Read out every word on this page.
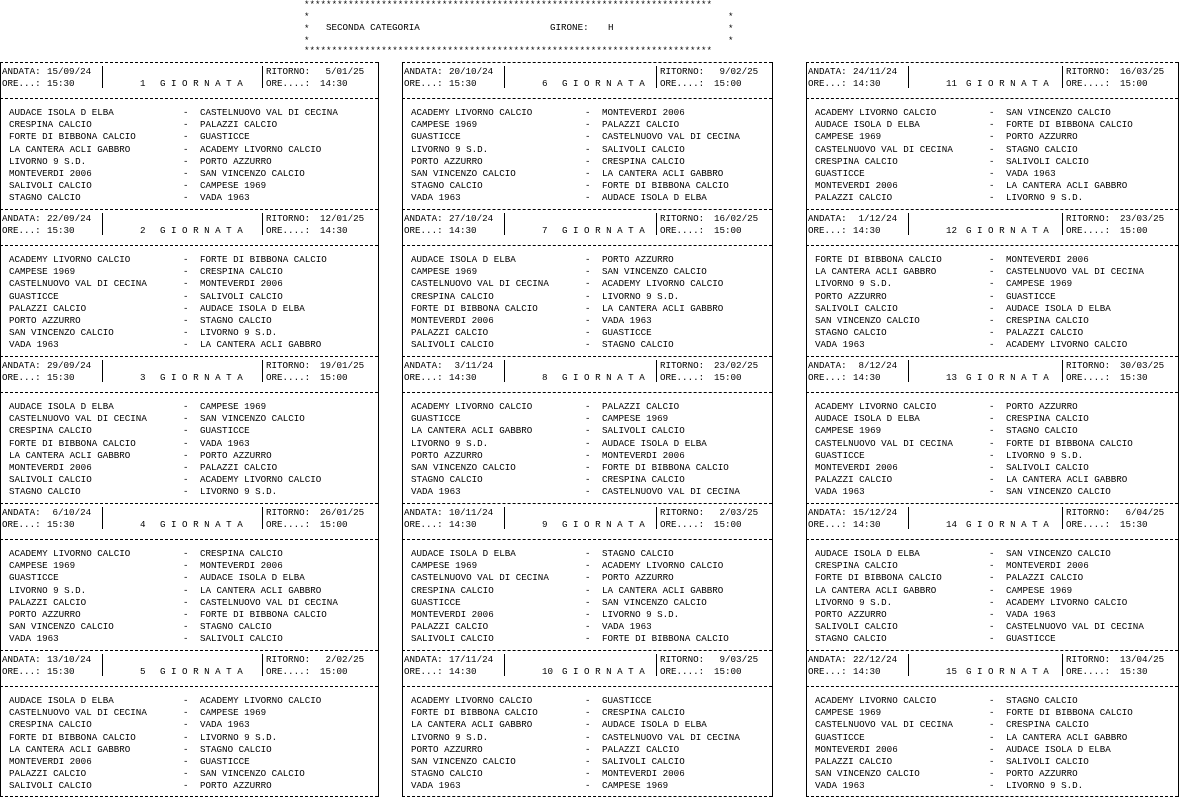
**************************************************************************
*	*
* SECONDA CATEGORIA	GIRONE: H	*
*	*
**************************************************************************
ANDATA: 15/09/24
ORE...: 15:30	1 G I O R N A T A
RITORNO: 5/01/25
ORE....: 14:30
AUDACE ISOLA D ELBA	- CASTELNUOVO VAL DI CECINA
CRESPINA CALCIO	- PALAZZI CALCIO
FORTE DI BIBBONA CALCIO	- GUASTICCE
LA CANTERA ACLI GABBRO	- ACADEMY LIVORNO CALCIO
LIVORNO 9 S.D.	- PORTO AZZURRO
MONTEVERDI 2006	- SAN VINCENZO CALCIO
SALIVOLI CALCIO	- CAMPESE 1969
STAGNO CALCIO	- VADA 1963
ANDATA: 22/09/24
ORE...: 15:30	2 G I O R N A T A
RITORNO: 12/01/25
ORE....: 14:30
ACADEMY LIVORNO CALCIO	- FORTE DI BIBBONA CALCIO
CAMPESE 1969	- CRESPINA CALCIO
CASTELNUOVO VAL DI CECINA	- MONTEVERDI 2006
GUASTICCE	- SALIVOLI CALCIO
PALAZZI CALCIO	- AUDACE ISOLA D ELBA
PORTO AZZURRO	- STAGNO CALCIO
SAN VINCENZO CALCIO	- LIVORNO 9 S.D.
VADA 1963	- LA CANTERA ACLI GABBRO
ANDATA: 29/09/24
ORE...: 15:30	3 G I O R N A T A
RITORNO: 19/01/25
ORE....: 15:00
AUDACE ISOLA D ELBA	- CAMPESE 1969
CASTELNUOVO VAL DI CECINA	- SAN VINCENZO CALCIO
CRESPINA CALCIO	- GUASTICCE
FORTE DI BIBBONA CALCIO	- VADA 1963
LA CANTERA ACLI GABBRO	- PORTO AZZURRO
MONTEVERDI 2006	- PALAZZI CALCIO
SALIVOLI CALCIO	- ACADEMY LIVORNO CALCIO
STAGNO CALCIO	- LIVORNO 9 S.D.
ANDATA: 6/10/24
ORE...: 15:30	4 G I O R N A T A
RITORNO: 26/01/25
ORE....: 15:00
ACADEMY LIVORNO CALCIO	- CRESPINA CALCIO
CAMPESE 1969	- MONTEVERDI 2006
GUASTICCE	- AUDACE ISOLA D ELBA
LIVORNO 9 S.D.	- LA CANTERA ACLI GABBRO
PALAZZI CALCIO	- CASTELNUOVO VAL DI CECINA
PORTO AZZURRO	- FORTE DI BIBBONA CALCIO
SAN VINCENZO CALCIO	- STAGNO CALCIO
VADA 1963	- SALIVOLI CALCIO
ANDATA: 13/10/24
ORE...: 15:30	5 G I O R N A T A
RITORNO: 2/02/25
ORE....: 15:00
AUDACE ISOLA D ELBA	- ACADEMY LIVORNO CALCIO
CASTELNUOVO VAL DI CECINA	- CAMPESE 1969
CRESPINA CALCIO	- VADA 1963
FORTE DI BIBBONA CALCIO	- LIVORNO 9 S.D.
LA CANTERA ACLI GABBRO	- STAGNO CALCIO
MONTEVERDI 2006	- GUASTICCE
PALAZZI CALCIO	- SAN VINCENZO CALCIO
SALIVOLI CALCIO	- PORTO AZZURRO
ANDATA: 20/10/24
ORE...: 15:30	6 G I O R N A T A
RITORNO: 9/02/25
ORE....: 15:00
ACADEMY LIVORNO CALCIO	- MONTEVERDI 2006
CAMPESE 1969	- PALAZZI CALCIO
GUASTICCE	- CASTELNUOVO VAL DI CECINA
LIVORNO 9 S.D.	- SALIVOLI CALCIO
PORTO AZZURRO	- CRESPINA CALCIO
SAN VINCENZO CALCIO	- LA CANTERA ACLI GABBRO
STAGNO CALCIO	- FORTE DI BIBBONA CALCIO
VADA 1963	- AUDACE ISOLA D ELBA
ANDATA: 27/10/24
ORE...: 14:30	7 G I O R N A T A
RITORNO: 16/02/25
ORE....: 15:00
AUDACE ISOLA D ELBA	- PORTO AZZURRO
CAMPESE 1969	- SAN VINCENZO CALCIO
CASTELNUOVO VAL DI CECINA	- ACADEMY LIVORNO CALCIO
CRESPINA CALCIO	- LIVORNO 9 S.D.
FORTE DI BIBBONA CALCIO	- LA CANTERA ACLI GABBRO
MONTEVERDI 2006	- VADA 1963
PALAZZI CALCIO	- GUASTICCE
SALIVOLI CALCIO	- STAGNO CALCIO
ANDATA: 3/11/24
ORE...: 14:30	8 G I O R N A T A
RITORNO: 23/02/25
ORE....: 15:00
ACADEMY LIVORNO CALCIO	- PALAZZI CALCIO
GUASTICCE	- CAMPESE 1969
LA CANTERA ACLI GABBRO	- SALIVOLI CALCIO
LIVORNO 9 S.D.	- AUDACE ISOLA D ELBA
PORTO AZZURRO	- MONTEVERDI 2006
SAN VINCENZO CALCIO	- FORTE DI BIBBONA CALCIO
STAGNO CALCIO	- CRESPINA CALCIO
VADA 1963	- CASTELNUOVO VAL DI CECINA
ANDATA: 10/11/24
ORE...: 14:30	9 G I O R N A T A
RITORNO: 2/03/25
ORE....: 15:00
AUDACE ISOLA D ELBA	- STAGNO CALCIO
CAMPESE 1969	- ACADEMY LIVORNO CALCIO
CASTELNUOVO VAL DI CECINA	- PORTO AZZURRO
CRESPINA CALCIO	- LA CANTERA ACLI GABBRO
GUASTICCE	- SAN VINCENZO CALCIO
MONTEVERDI 2006	- LIVORNO 9 S.D.
PALAZZI CALCIO	- VADA 1963
SALIVOLI CALCIO	- FORTE DI BIBBONA CALCIO
ANDATA: 17/11/24
ORE...: 14:30	10 G I O R N A T A
RITORNO: 9/03/25
ORE....: 15:00
ACADEMY LIVORNO CALCIO	- GUASTICCE
FORTE DI BIBBONA CALCIO	- CRESPINA CALCIO
LA CANTERA ACLI GABBRO	- AUDACE ISOLA D ELBA
LIVORNO 9 S.D.	- CASTELNUOVO VAL DI CECINA
PORTO AZZURRO	- PALAZZI CALCIO
SAN VINCENZO CALCIO	- SALIVOLI CALCIO
STAGNO CALCIO	- MONTEVERDI 2006
VADA 1963	- CAMPESE 1969
ANDATA: 24/11/24
ORE...: 14:30	11 G I O R N A T A
RITORNO: 16/03/25
ORE....: 15:00
ACADEMY LIVORNO CALCIO	- SAN VINCENZO CALCIO
AUDACE ISOLA D ELBA	- FORTE DI BIBBONA CALCIO
CAMPESE 1969	- PORTO AZZURRO
CASTELNUOVO VAL DI CECINA	- STAGNO CALCIO
CRESPINA CALCIO	- SALIVOLI CALCIO
GUASTICCE	- VADA 1963
MONTEVERDI 2006	- LA CANTERA ACLI GABBRO
PALAZZI CALCIO	- LIVORNO 9 S.D.
ANDATA: 1/12/24
ORE...: 14:30	12 G I O R N A T A
RITORNO: 23/03/25
ORE....: 15:00
FORTE DI BIBBONA CALCIO	- MONTEVERDI 2006
LA CANTERA ACLI GABBRO	- CASTELNUOVO VAL DI CECINA
LIVORNO 9 S.D.	- CAMPESE 1969
PORTO AZZURRO	- GUASTICCE
SALIVOLI CALCIO	- AUDACE ISOLA D ELBA
SAN VINCENZO CALCIO	- CRESPINA CALCIO
STAGNO CALCIO	- PALAZZI CALCIO
VADA 1963	- ACADEMY LIVORNO CALCIO
ANDATA: 8/12/24
ORE...: 14:30	13 G I O R N A T A
RITORNO: 30/03/25
ORE....: 15:30
ACADEMY LIVORNO CALCIO	- PORTO AZZURRO
AUDACE ISOLA D ELBA	- CRESPINA CALCIO
CAMPESE 1969	- STAGNO CALCIO
CASTELNUOVO VAL DI CECINA	- FORTE DI BIBBONA CALCIO
GUASTICCE	- LIVORNO 9 S.D.
MONTEVERDI 2006	- SALIVOLI CALCIO
PALAZZI CALCIO	- LA CANTERA ACLI GABBRO
VADA 1963	- SAN VINCENZO CALCIO
ANDATA: 15/12/24
ORE...: 14:30	14 G I O R N A T A
RITORNO: 6/04/25
ORE....: 15:30
AUDACE ISOLA D ELBA	- SAN VINCENZO CALCIO
CRESPINA CALCIO	- MONTEVERDI 2006
FORTE DI BIBBONA CALCIO	- PALAZZI CALCIO
LA CANTERA ACLI GABBRO	- CAMPESE 1969
LIVORNO 9 S.D.	- ACADEMY LIVORNO CALCIO
PORTO AZZURRO	- VADA 1963
SALIVOLI CALCIO	- CASTELNUOVO VAL DI CECINA
STAGNO CALCIO	- GUASTICCE
ANDATA: 22/12/24
ORE...: 14:30	15 G I O R N A T A
RITORNO: 13/04/25
ORE....: 15:30
ACADEMY LIVORNO CALCIO	- STAGNO CALCIO
CAMPESE 1969	- FORTE DI BIBBONA CALCIO
CASTELNUOVO VAL DI CECINA	- CRESPINA CALCIO
GUASTICCE	- LA CANTERA ACLI GABBRO
MONTEVERDI 2006	- AUDACE ISOLA D ELBA
PALAZZI CALCIO	- SALIVOLI CALCIO
SAN VINCENZO CALCIO	- PORTO AZZURRO
VADA 1963	- LIVORNO 9 S.D.
